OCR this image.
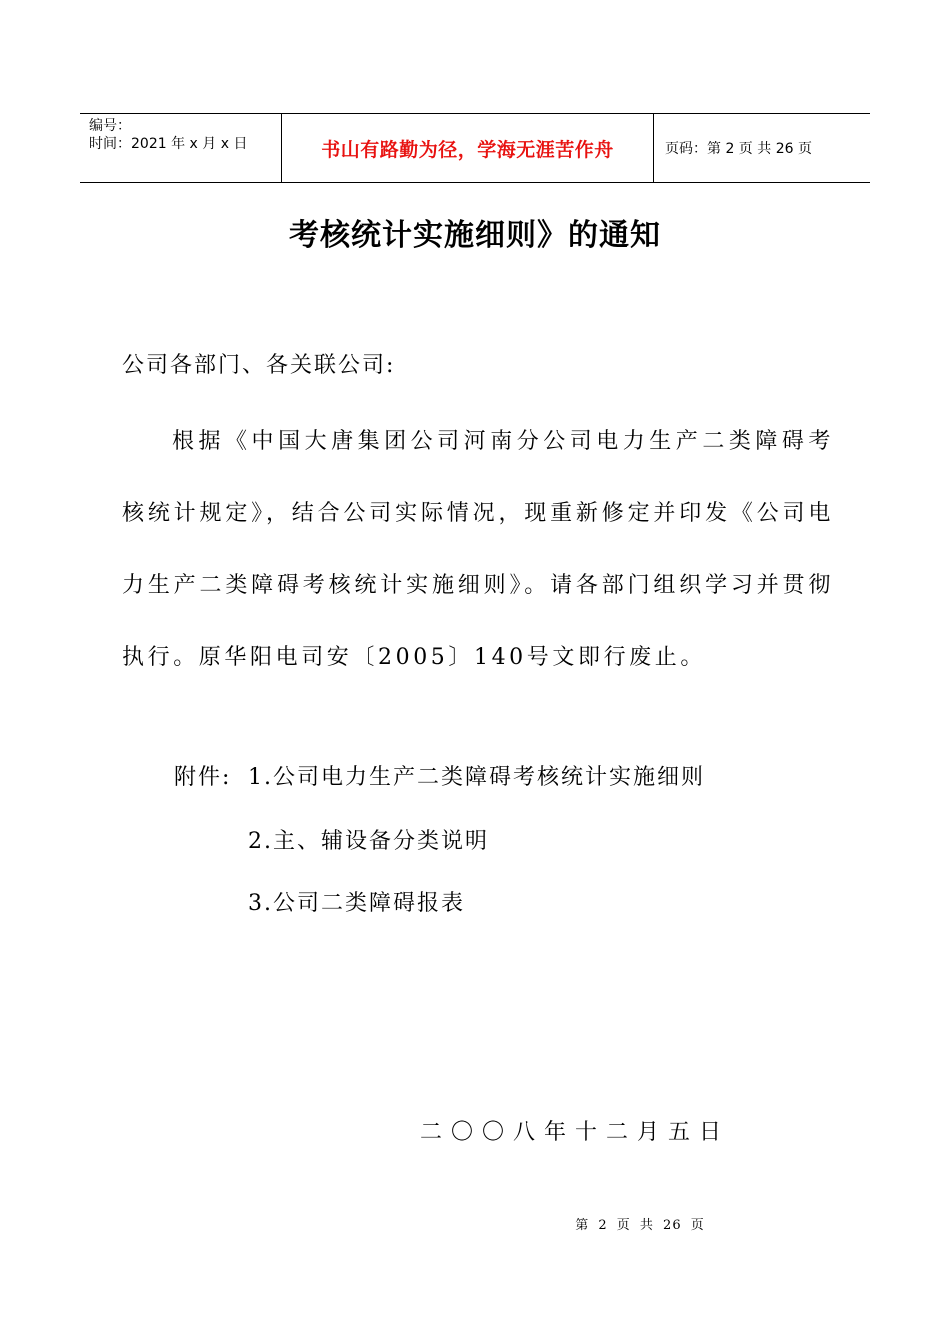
编号：
时间：2021 年 x 月 x 日	书山有路勤为径，学海无涯苦作舟	页码：第 2 页 共 26 页
考核统计实施细则》的通知
公司各部门、各关联公司:
根据《中国大唐集团公司河南分公司电力生产二类障碍考核统计规定》，结合公司实际情况，现重新修定并印发《公司电力生产二类障碍考核统计实施细则》。请各部门组织学习并贯彻执行。原华阳电司安〔2005〕140号文即行废止。
附件: 1.公司电力生产二类障碍考核统计实施细则
2.主、辅设备分类说明
3.公司二类障碍报表
二〇〇八年十二月五日
第 2 页 共 26 页
